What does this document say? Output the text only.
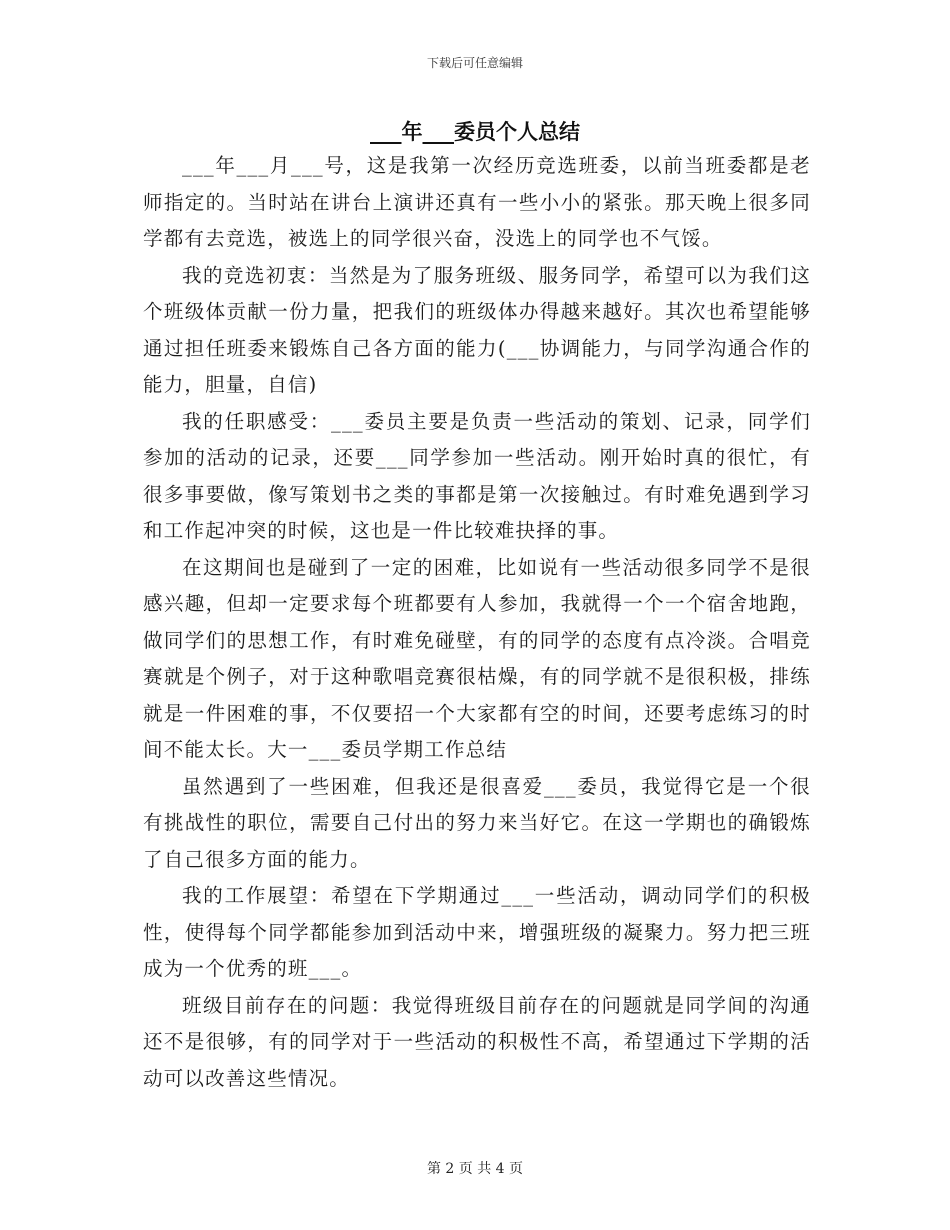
下载后可任意编辑
___年___委员个人总结

___年___月___号，这是我第一次经历竞选班委，以前当班委都是老师指定的。当时站在讲台上演讲还真有一些小小的紧张。那天晚上很多同学都有去竞选，被选上的同学很兴奋，没选上的同学也不气馁。

我的竞选初衷：当然是为了服务班级、服务同学，希望可以为我们这个班级体贡献一份力量，把我们的班级体办得越来越好。其次也希望能够通过担任班委来锻炼自己各方面的能力(___协调能力，与同学沟通合作的能力，胆量，自信)

我的任职感受：___委员主要是负责一些活动的策划、记录，同学们参加的活动的记录，还要___同学参加一些活动。刚开始时真的很忙，有很多事要做，像写策划书之类的事都是第一次接触过。有时难免遇到学习和工作起冲突的时候，这也是一件比较难抉择的事。

在这期间也是碰到了一定的困难，比如说有一些活动很多同学不是很感兴趣，但却一定要求每个班都要有人参加，我就得一个一个宿舍地跑，做同学们的思想工作，有时难免碰壁，有的同学的态度有点冷淡。合唱竞赛就是个例子，对于这种歌唱竞赛很枯燥，有的同学就不是很积极，排练就是一件困难的事，不仅要招一个大家都有空的时间，还要考虑练习的时间不能太长。大一___委员学期工作总结

虽然遇到了一些困难，但我还是很喜爱___委员，我觉得它是一个很有挑战性的职位，需要自己付出的努力来当好它。在这一学期也的确锻炼了自己很多方面的能力。

我的工作展望：希望在下学期通过___一些活动，调动同学们的积极性，使得每个同学都能参加到活动中来，增强班级的凝聚力。努力把三班成为一个优秀的班___。

班级目前存在的问题：我觉得班级目前存在的问题就是同学间的沟通还不是很够，有的同学对于一些活动的积极性不高，希望通过下学期的活动可以改善这些情况。

第 2 页 共 4 页
